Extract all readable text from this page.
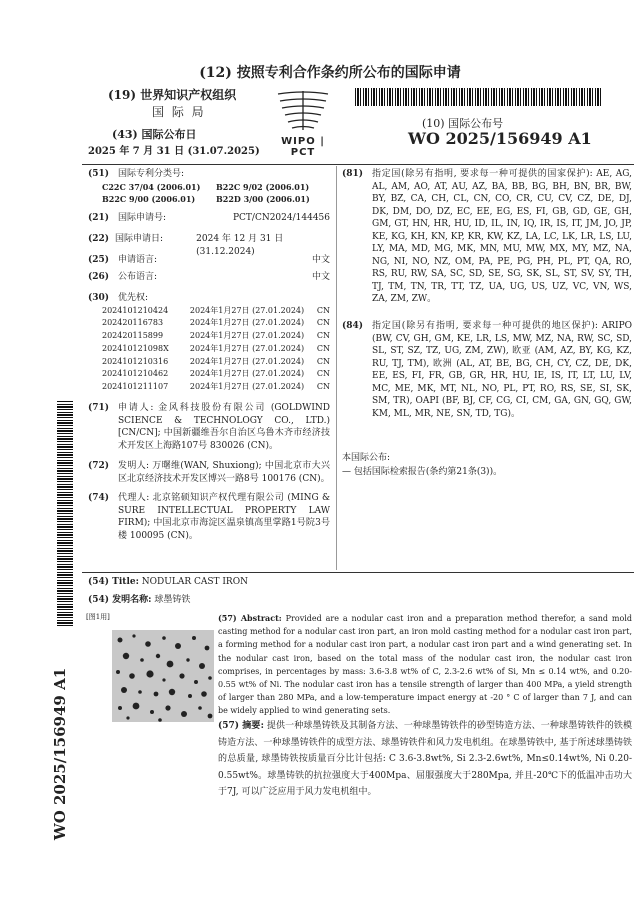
(12) 按照专利合作条约所公布的国际申请
(19) 世界知识产权组织
国 际 局
(43) 国际公布日
2025 年 7 月 31 日 (31.07.2025)
WIPO | PCT
(10) 国际公布号
WO 2025/156949 A1
WO 2025/156949 A1
(51) 国际专利分类号:
C22C 37/04 (2006.01)	B22C 9/02 (2006.01)
B22C 9/00 (2006.01)	B22D 3/00 (2006.01)
(21) 国际申请号:	PCT/CN2024/144456
(22) 国际申请日:	2024 年 12 月 31 日 (31.12.2024)
(25) 申请语言:	中文
(26) 公布语言:	中文
(30) 优先权:
202410121042​4	2024年1月27日 (27.01.2024)	CN
202420116783​	2024年1月27日 (27.01.2024)	CN
202420115899	2024年1月27日 (27.01.2024)	CN
202410121098X	2024年1月27日 (27.01.2024)	CN
2024101210316	2024年1月27日 (27.01.2024)	CN
2024101210462	2024年1月27日 (27.01.2024)	CN
2024101211107	2024年1月27日 (27.01.2024)	CN
(71) 申请人: 金风科技股份有限公司 (GOLDWIND SCIENCE & TECHNOLOGY CO., LTD.) [CN/CN]; 中国新疆维吾尔自治区乌鲁木齐市经济技术开发区上海路107号 830026 (CN)。
(72) 发明人: 万曙维(WAN, Shuxiong); 中国北京市大兴区北京经济技术开发区博兴一路8号 100176 (CN)。
(74) 代理人: 北京铭硕知识产权代理有限公司 (MING & SURE INTELLECTUAL PROPERTY LAW FIRM); 中国北京市海淀区温泉镇高里掌路1号院3号楼 100095 (CN)。
(81) 指定国(除另有指明, 要求每一种可提供的国家保护): AE, AG, AL, AM, AO, AT, AU, AZ, BA, BB, BG, BH, BN, BR, BW, BY, BZ, CA, CH, CL, CN, CO, CR, CU, CV, CZ, DE, DJ, DK, DM, DO, DZ, EC, EE, EG, ES, FI, GB, GD, GE, GH, GM, GT, HN, HR, HU, ID, IL, IN, IQ, IR, IS, IT, JM, JO, JP, KE, KG, KH, KN, KP, KR, KW, KZ, LA, LC, LK, LR, LS, LU, LY, MA, MD, MG, MK, MN, MU, MW, MX, MY, MZ, NA, NG, NI, NO, NZ, OM, PA, PE, PG, PH, PL, PT, QA, RO, RS, RU, RW, SA, SC, SD, SE, SG, SK, SL, ST, SV, SY, TH, TJ, TM, TN, TR, TT, TZ, UA, UG, US, UZ, VC, VN, WS, ZA, ZM, ZW。
(84) 指定国(除另有指明, 要求每一种可提供的地区保护): ARIPO (BW, CV, GH, GM, KE, LR, LS, MW, MZ, NA, RW, SC, SD, SL, ST, SZ, TZ, UG, ZM, ZW), 欧亚 (AM, AZ, BY, KG, KZ, RU, TJ, TM), 欧洲 (AL, AT, BE, BG, CH, CY, CZ, DE, DK, EE, ES, FI, FR, GB, GR, HR, HU, IE, IS, IT, LT, LU, LV, MC, ME, MK, MT, NL, NO, PL, PT, RO, RS, SE, SI, SK, SM, TR), OAPI (BF, BJ, CF, CG, CI, CM, GA, GN, GQ, GW, KM, ML, MR, NE, SN, TD, TG)。
本国际公布:
— 包括国际检索报告(条约第21条(3))。
(54) Title: NODULAR CAST IRON
(54) 发明名称: 球墨铸铁
[图1用]	(57) Abstract: Provided are a nodular cast iron and a preparation method therefor, a sand mold casting method for a nodular cast iron part, an iron mold casting method for a nodular cast iron part, a forming method for a nodular cast iron part, a nodular cast iron part and a wind generating set. In the nodular cast iron, based on the total mass of the nodular cast iron, the nodular cast iron comprises, in percentages by mass: 3.6-3.8 wt% of C, 2.3-2.6 wt% of Si, Mn ≤ 0.14 wt%, and 0.20-0.55 wt% of Ni. The nodular cast iron has a tensile strength of larger than 400 MPa, a yield strength of larger than 280 MPa, and a low-temperature impact energy at -20 ° C of larger than 7 J, and can be widely applied to wind generating sets.
(57) 摘要: 提供一种球墨铸铁及其制备方法、一种球墨铸铁件的砂型铸造方法、一种球墨铸铁件的铁模铸造方法、一种球墨铸铁件的成型方法、球墨铸铁件和风力发电机组。在球墨铸铁中, 基于所述球墨铸铁的总质量, 球墨铸铁按质量百分比计包括: C 3.6-3.8wt%, Si 2.3-2.6wt%, Mn≤0.14wt%, Ni 0.20-0.55wt%。球墨铸铁的抗拉强度大于400Mpa、屈服强度大于280Mpa, 并且-20℃下的低温冲击功大于7J, 可以广泛应用于风力发电机组中。
